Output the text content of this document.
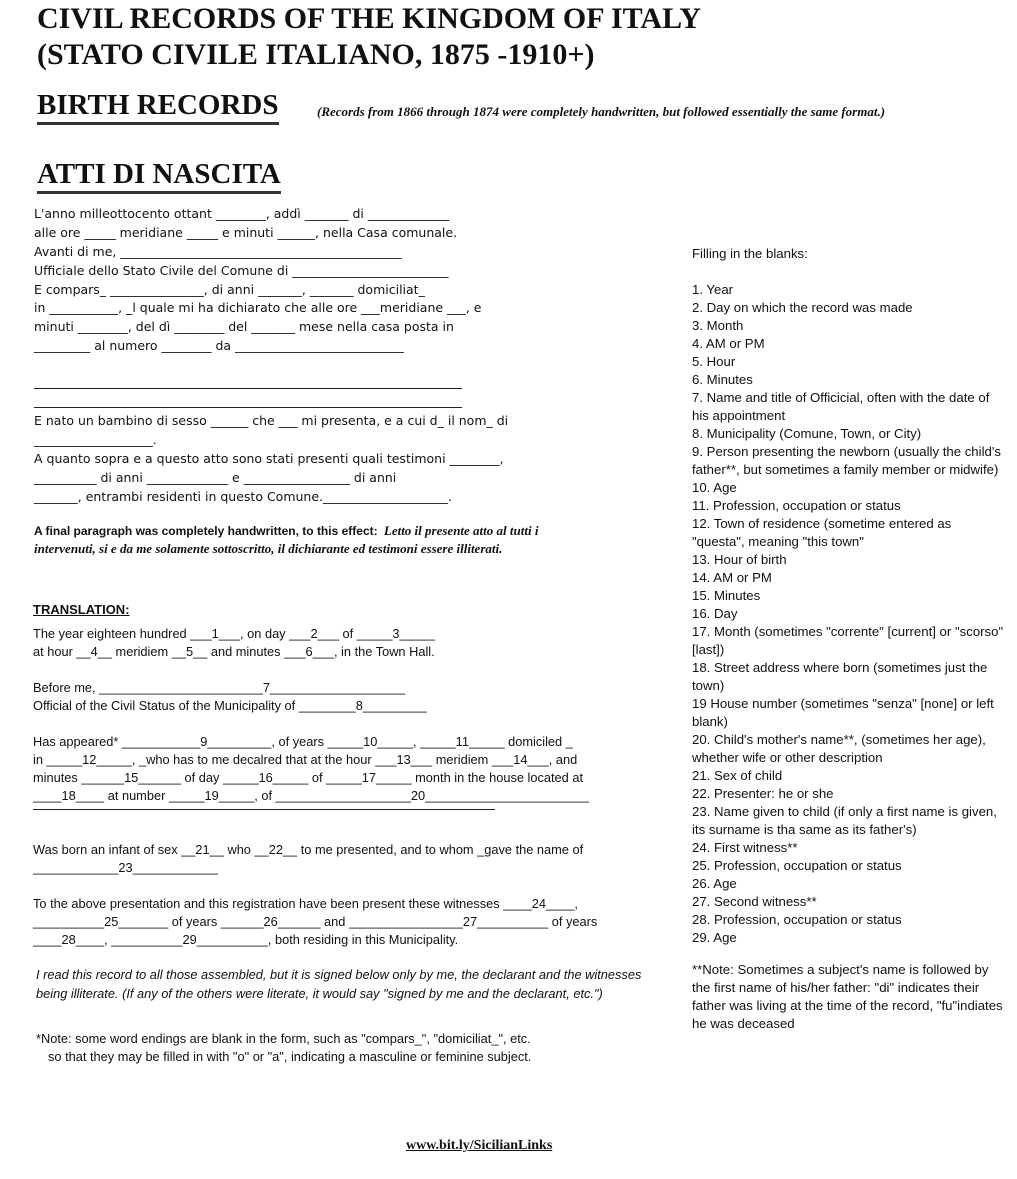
CIVIL RECORDS OF THE KINGDOM OF ITALY
(STATO CIVILE ITALIANO, 1875 -1910+)
BIRTH RECORDS	(Records from 1866 through 1874 were completely handwritten, but followed essentially the same format.)
ATTI DI NASCITA
L'anno milleottocento ottant ________, addì _______ di _____________
alle ore _____ meridiane _____ e minuti ______, nella Casa comunale.
Avanti di me, _____________________________________________
Ufficiale dello Stato Civile del Comune di _________________________
E compars_ _______________, di anni _______, _______ domiciliat_
in ___________, _l quale mi ha dichiarato che alle ore ___meridiane ___, e
minuti ________, del dì ________ del _______ mese nella casa posta in
_________ al numero ________ da ___________________________
E nato un bambino di sesso ______ che ___ mi presenta, e a cui d_ il nom_ di
___________________.
A quanto sopra e a questo atto sono stati presenti quali testimoni ________,
__________ di anni _____________ e _________________ di anni
_______, entrambi residenti in questo Comune.____________________.
A final paragraph was completely handwritten, to this effect: Letto il presente atto al tutti i intervenuti, si e da me solamente sottoscritto, il dichiarante ed testimoni essere illiterati.
TRANSLATION:
The year eighteen hundred ___1___, on day ___2___ of _____3_____
at hour __4__ meridiem __5__ and minutes ___6___, in the Town Hall.
Before me, _______________________7___________________
Official of the Civil Status of the Municipality of ________8_________
Has appeared* ___________9_________, of years _____10_____, _____11_____ domiciled _
in _____12_____, _who has to me decalred that at the hour ___13___ meridiem ___14___, and
minutes ______15______ of day _____16_____ of _____17_____ month in the house located at
____18____ at number _____19_____, of ___________________20_______________________
Was born an infant of sex __21__ who __22__ to me presented, and to whom _gave the name of
____________23____________
To the above presentation and this registration have been present these witnesses ____24____,
__________25_______ of years ______26______ and ________________27__________ of years
____28____, __________29__________, both residing in this Municipality.
I read this record to all those assembled, but it is signed below only by me, the declarant and the witnesses being illiterate. (If any of the others were literate, it would say "signed by me and the declarant, etc.")
*Note: some word endings are blank in the form, such as "compars_", "domiciliat_", etc.
so that they may be filled in with "o" or "a", indicating a masculine or feminine subject.
Filling in the blanks:
1. Year
2. Day on which the record was made
3. Month
4. AM or PM
5. Hour
6. Minutes
7. Name and title of Officicial, often with the date of his appointment
8. Municipality (Comune, Town, or City)
9. Person presenting the newborn (usually the child's father**, but sometimes a family member or midwife)
10. Age
11. Profession, occupation or status
12. Town of residence (sometime entered as "questa", meaning "this town"
13. Hour of birth
14. AM or PM
15. Minutes
16. Day
17. Month (sometimes "corrente" [current] or "scorso" [last])
18. Street address where born (sometimes just the town)
19 House number (sometimes "senza" [none] or left blank)
20. Child's mother's name**, (sometimes her age), whether wife or other description
21. Sex of child
22. Presenter: he or she
23. Name given to child (if only a first name is given, its surname is tha same as its father's)
24. First witness**
25. Profession, occupation or status
26. Age
27. Second witness**
28. Profession, occupation or status
29. Age
**Note: Sometimes a subject's name is followed by the first name of his/her father: "di" indicates their father was living at the time of the record, "fu"indiates he was deceased
www.bit.ly/SicilianLinks
